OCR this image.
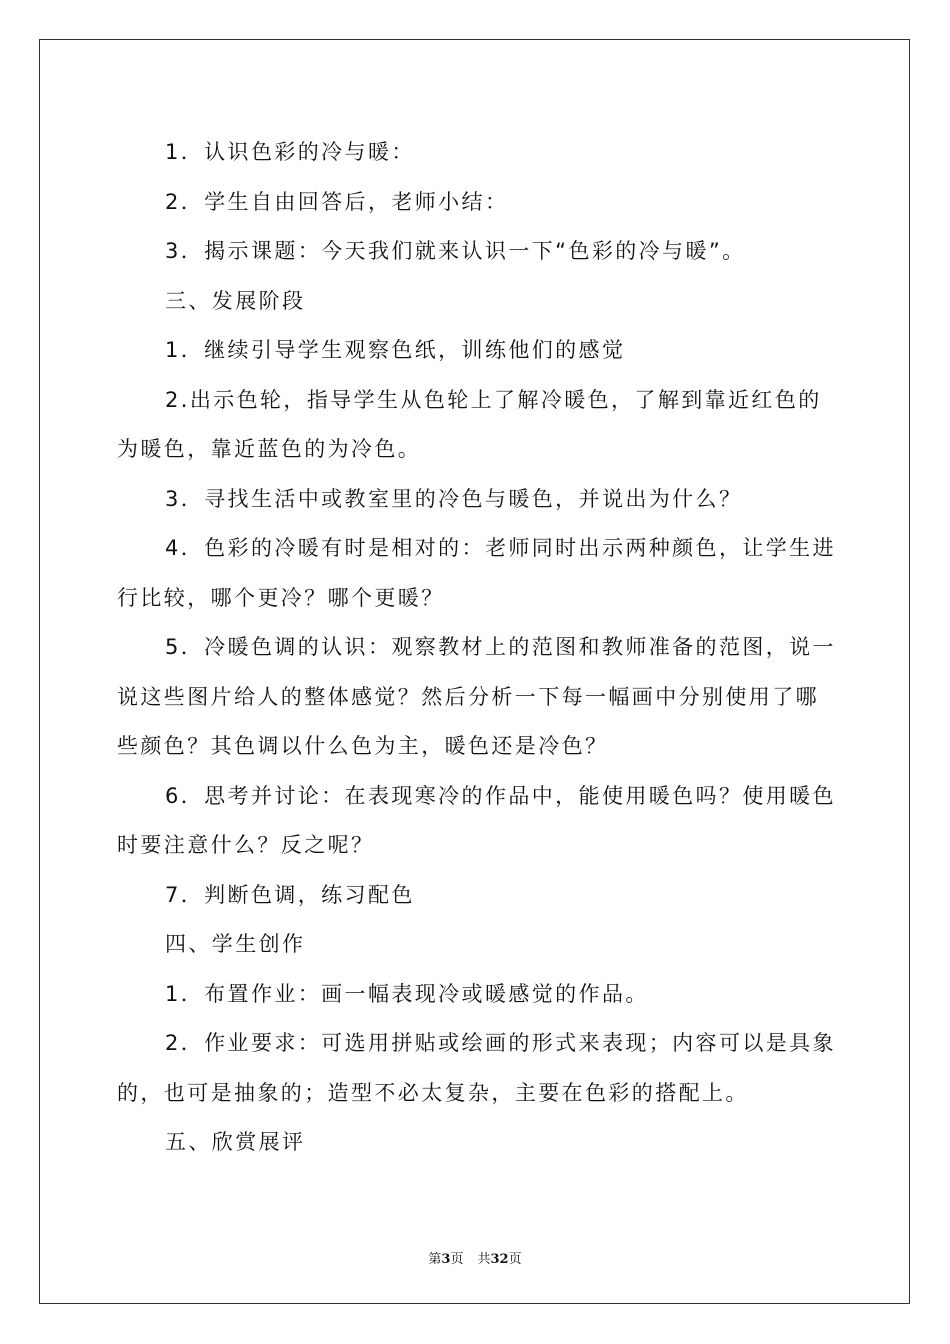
1．认识色彩的冷与暖：

2．学生自由回答后，老师小结：

3．揭示课题：今天我们就来认识一下“色彩的冷与暖”。

三、发展阶段

1．继续引导学生观察色纸，训练他们的感觉

2.出示色轮，指导学生从色轮上了解冷暖色，了解到靠近红色的为暖色，靠近蓝色的为冷色。

3．寻找生活中或教室里的冷色与暖色，并说出为什么？

4．色彩的冷暖有时是相对的：老师同时出示两种颜色，让学生进行比较，哪个更冷？哪个更暖？

5．冷暖色调的认识：观察教材上的范图和教师准备的范图，说一说这些图片给人的整体感觉？然后分析一下每一幅画中分别使用了哪些颜色？其色调以什么色为主，暖色还是冷色？

6．思考并讨论：在表现寒冷的作品中，能使用暖色吗？使用暖色时要注意什么？反之呢？

7．判断色调，练习配色

四、学生创作

1．布置作业：画一幅表现冷或暖感觉的作品。

2．作业要求：可选用拼贴或绘画的形式来表现；内容可以是具象的，也可是抽象的；造型不必太复杂，主要在色彩的搭配上。

五、欣赏展评

第3页 共32页
